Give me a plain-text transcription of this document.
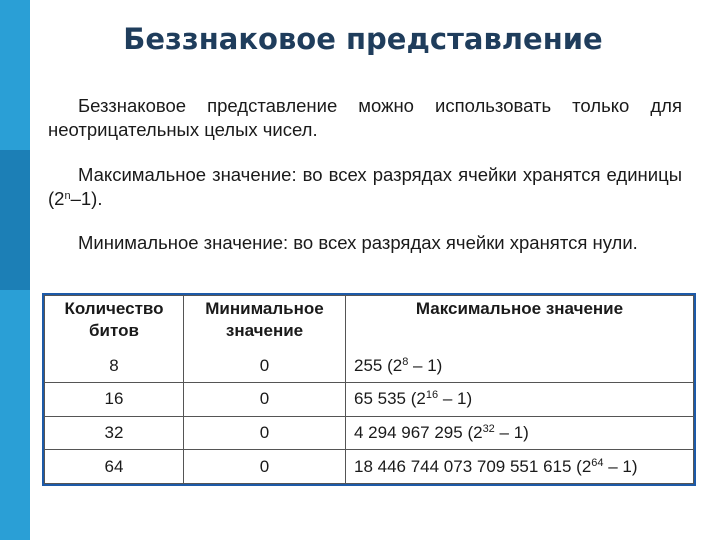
Беззнаковое представление

Беззнаковое представление можно использовать только для неотрицательных целых чисел.

Максимальное значение: во всех разрядах ячейки хранятся единицы (2$^n$–1).

Минимальное значение: во всех разрядах ячейки хранятся нули.

Количество битов	Минимальное значение	Максимальное значение
8	0	255 $(2^8 - 1)$
16	0	65 535 $(2^{16} - 1)$
32	0	4 294 967 295 $(2^{32} - 1)$
64	0	18 446 744 073 709 551 615 $(2^{64} - 1)$
